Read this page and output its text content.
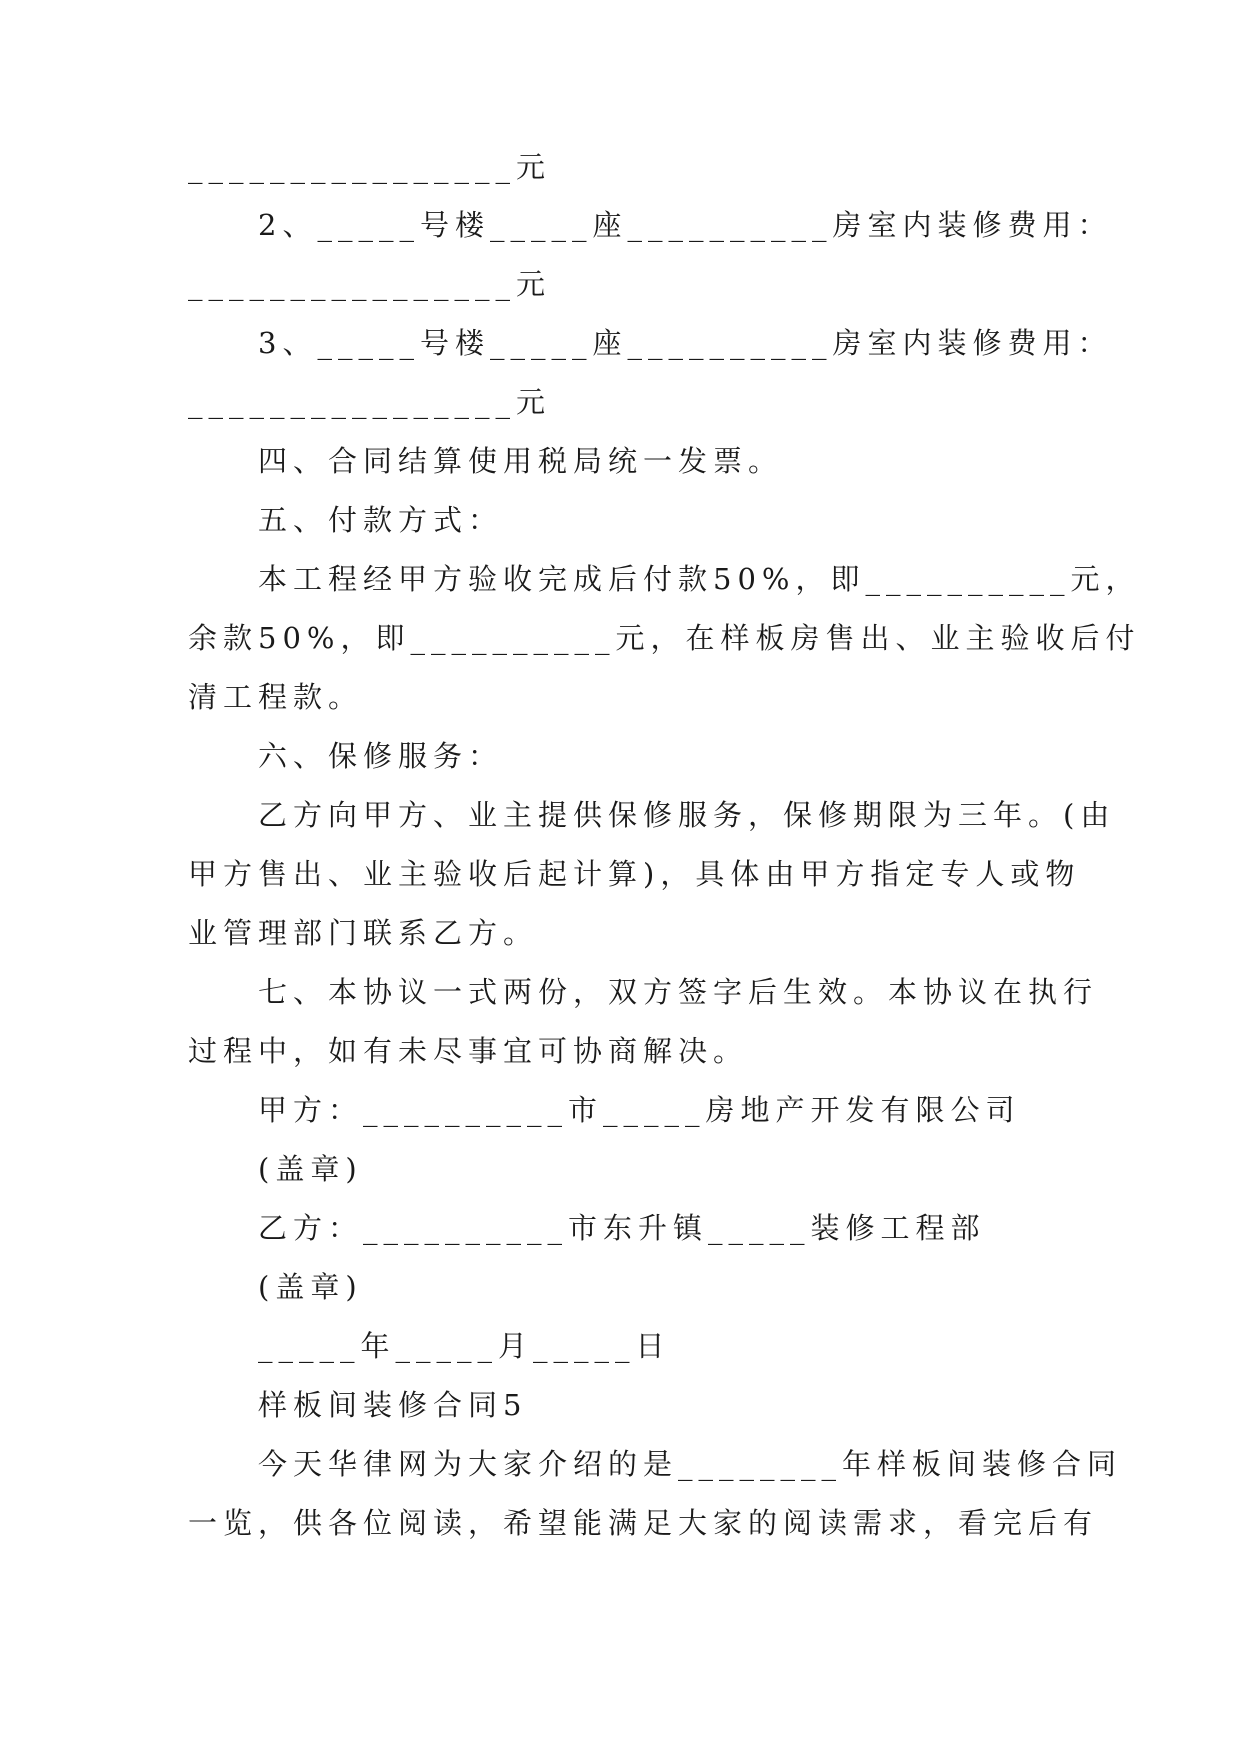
________________元
2、_____号楼_____座__________房室内装修费用：
________________元
3、_____号楼_____座__________房室内装修费用：
________________元
四、合同结算使用税局统一发票。
五、付款方式：
本工程经甲方验收完成后付款50%，即__________元，
余款50%，即__________元，在样板房售出、业主验收后付
清工程款。
六、保修服务：
乙方向甲方、业主提供保修服务，保修期限为三年。(由
甲方售出、业主验收后起计算)，具体由甲方指定专人或物
业管理部门联系乙方。
七、本协议一式两份，双方签字后生效。本协议在执行
过程中，如有未尽事宜可协商解决。
甲方：__________市_____房地产开发有限公司
(盖章)
乙方：__________市东升镇_____装修工程部
(盖章)
_____年_____月_____日
样板间装修合同5
今天华律网为大家介绍的是________年样板间装修合同
一览，供各位阅读，希望能满足大家的阅读需求，看完后有
